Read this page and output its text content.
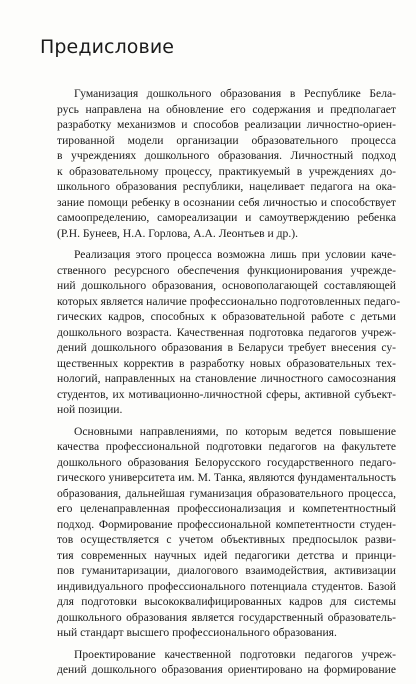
Предисловие
Гуманизация дошкольного образования в Республике Бела-
русь направлена на обновление его содержания и предполагает
разработку механизмов и способов реализации личностно-ориен-
тированной модели организации образовательного процесса
в учреждениях дошкольного образования. Личностный подход
к образовательному процессу, практикуемый в учреждениях до-
школьного образования республики, нацеливает педагога на ока-
зание помощи ребенку в осознании себя личностью и способствует
самоопределению, самореализации и самоутверждению ребенка
(Р.Н. Бунеев, Н.А. Горлова, А.А. Леонтьев и др.).
Реализация этого процесса возможна лишь при условии каче-
ственного ресурсного обеспечения функционирования учрежде-
ний дошкольного образования, основополагающей составляющей
которых является наличие профессионально подготовленных педаго-
гических кадров, способных к образовательной работе с детьми
дошкольного возраста. Качественная подготовка педагогов учреж-
дений дошкольного образования в Беларуси требует внесения су-
щественных корректив в разработку новых образовательных тех-
нологий, направленных на становление личностного самосознания
студентов, их мотивационно-личностной сферы, активной субъект-
ной позиции.
Основными направлениями, по которым ведется повышение
качества профессиональной подготовки педагогов на факультете
дошкольного образования Белорусского государственного педаго-
гического университета им. М. Танка, являются фундаментальность
образования, дальнейшая гуманизация образовательного процесса,
его целенаправленная профессионализация и компетентностный
подход. Формирование профессиональной компетентности студен-
тов осуществляется с учетом объективных предпосылок разви-
тия современных научных идей педагогики детства и принци-
пов гуманитаризации, диалогового взаимодействия, активизации
индивидуального профессионального потенциала студентов. Базой
для подготовки высококвалифицированных кадров для системы
дошкольного образования является государственный образователь-
ный стандарт высшего профессионального образования.
Проектирование качественной подготовки педагогов учреж-
дений дошкольного образования ориентировано на формирование
